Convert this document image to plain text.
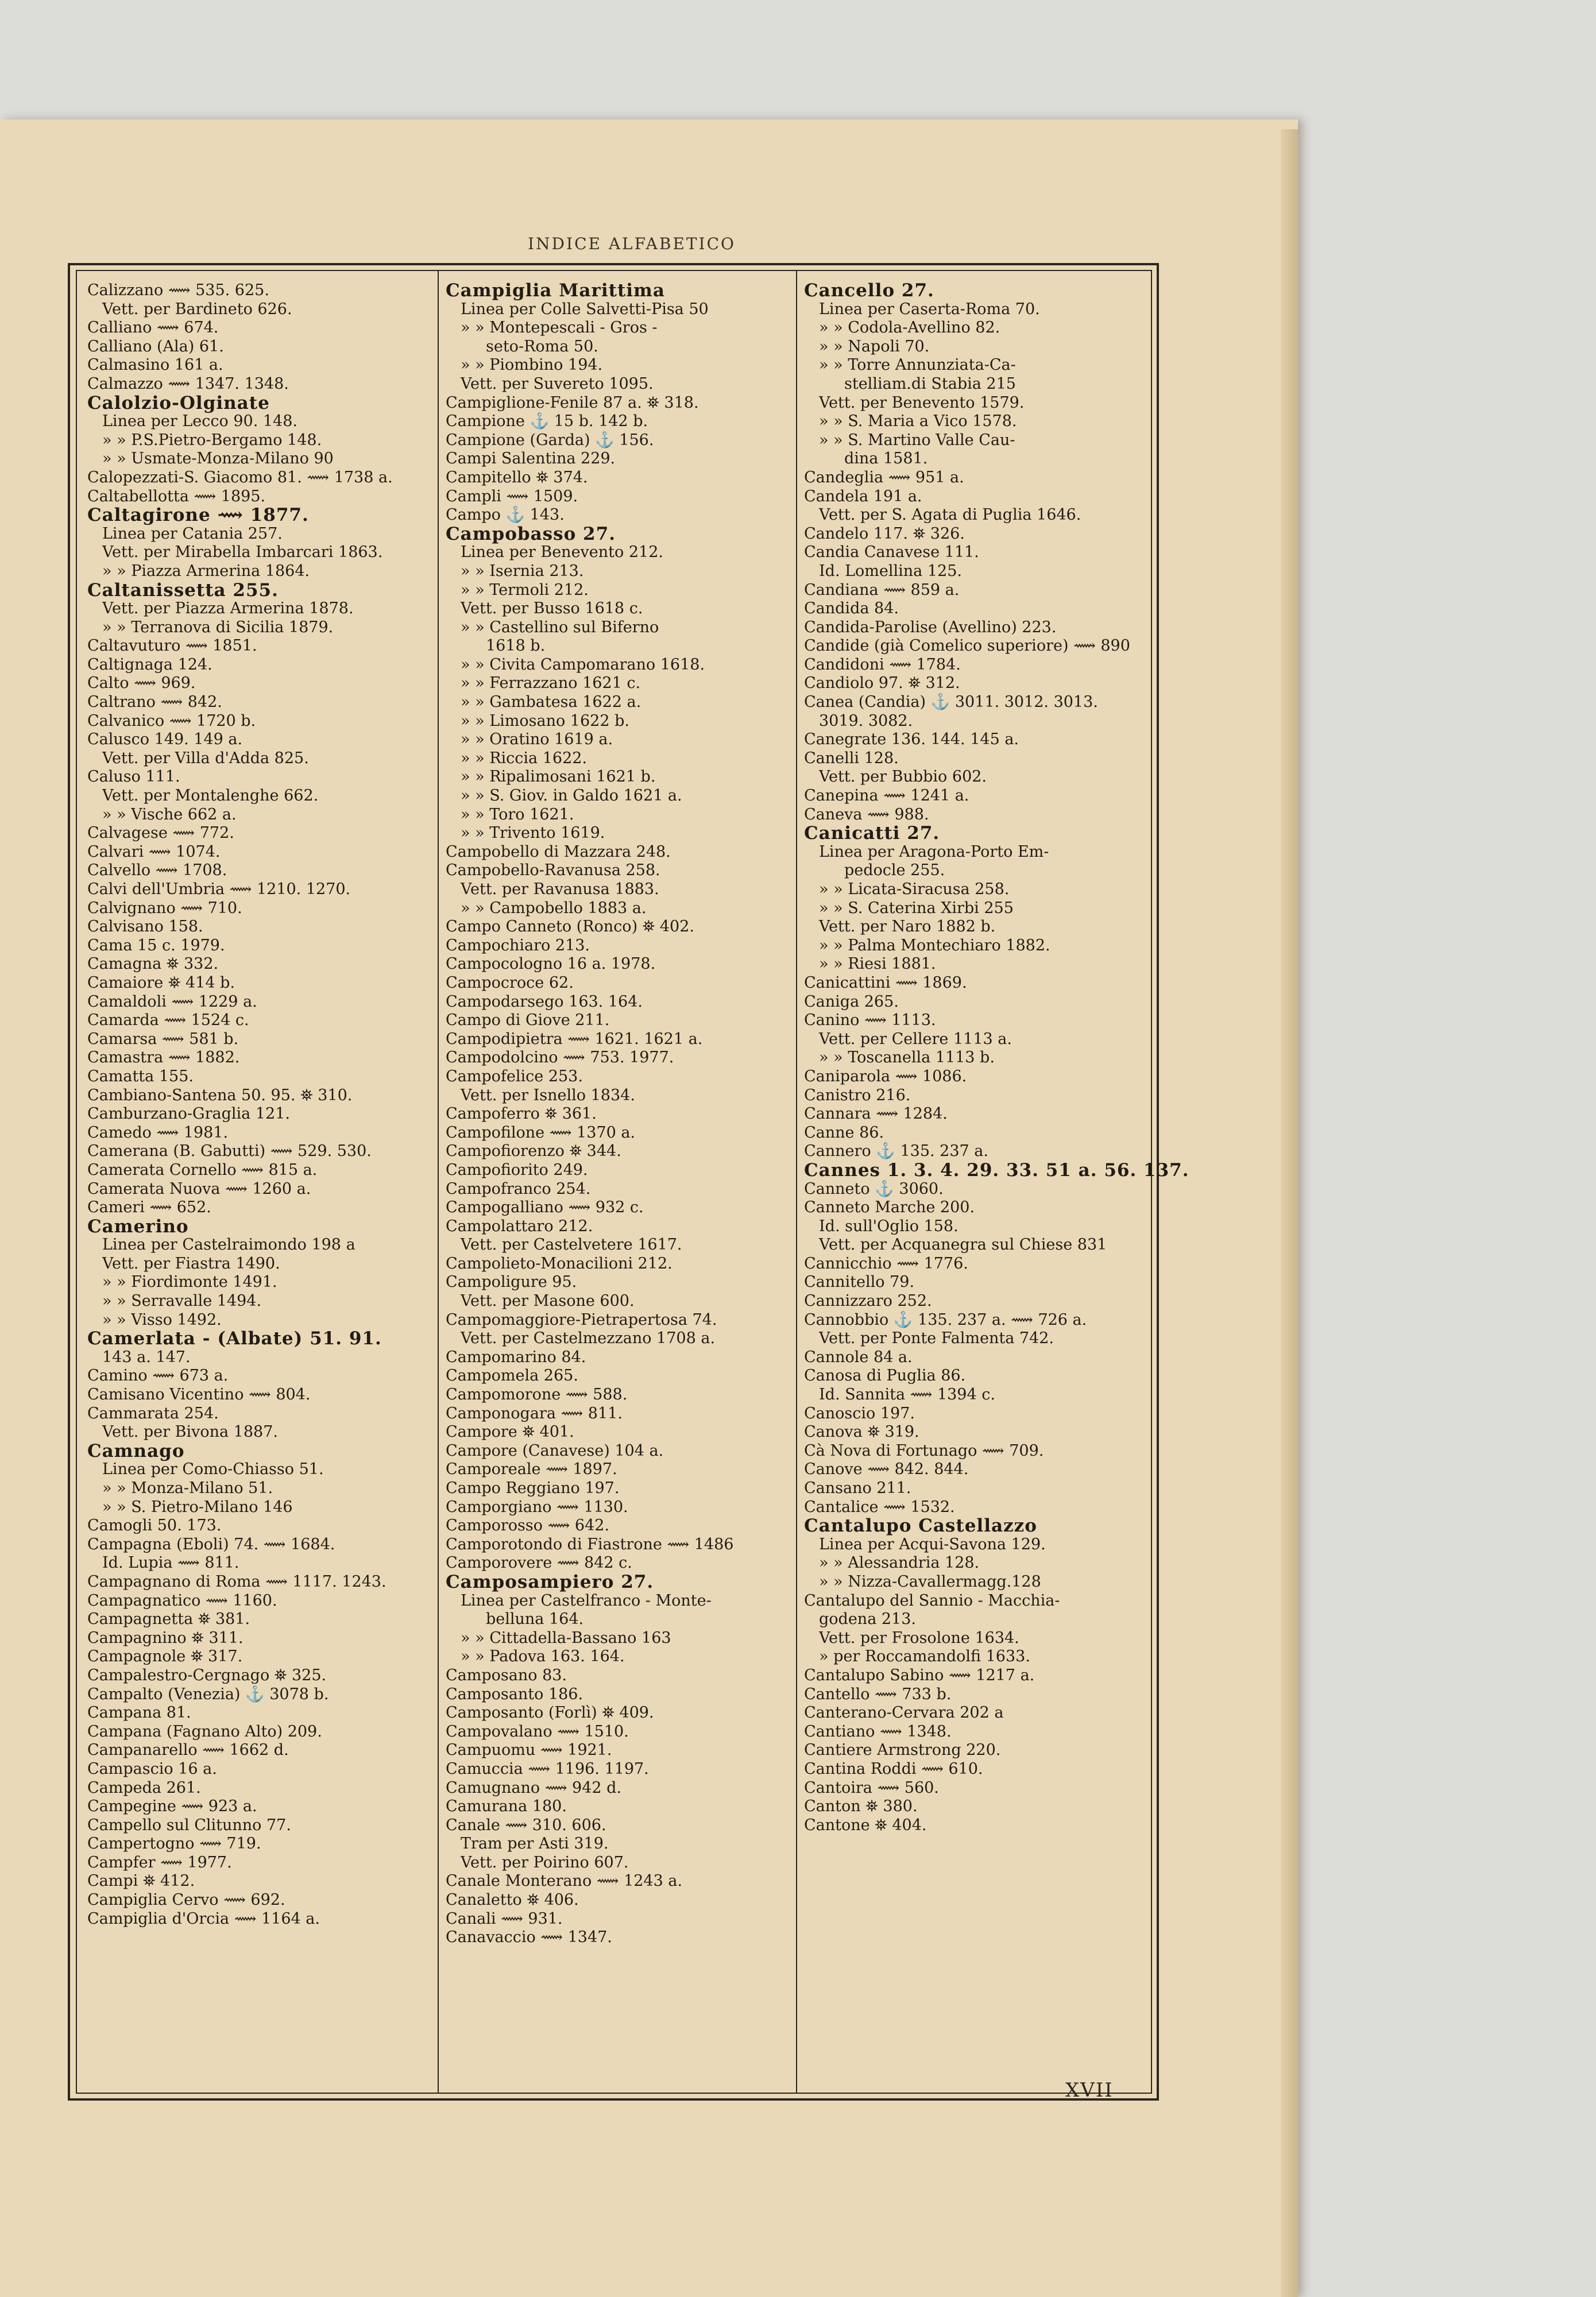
INDICE ALFABETICO
Calizzano ⟿ 535. 625.
Vett. per Bardineto 626.
Calliano ⟿ 674.
Calliano (Ala) 61.
Calmasino 161 a.
Calmazzo ⟿ 1347. 1348.
Calolzio-Olginate
Linea per Lecco 90. 148.
» » P.S.Pietro-Bergamo 148.
» » Usmate-Monza-Milano 90
Calopezzati-S. Giacomo 81. ⟿ 1738 a.
Caltabellotta ⟿ 1895.
Caltagirone ⟿ 1877.
Linea per Catania 257.
Vett. per Mirabella Imbarcari 1863.
» » Piazza Armerina 1864.
Caltanissetta 255.
Vett. per Piazza Armerina 1878.
» » Terranova di Sicilia 1879.
Caltavuturo ⟿ 1851.
Caltignaga 124.
Calto ⟿ 969.
Caltrano ⟿ 842.
Calvanico ⟿ 1720 b.
Calusco 149. 149 a.
Vett. per Villa d'Adda 825.
Caluso 111.
Vett. per Montalenghe 662.
» » Vische 662 a.
Calvagese ⟿ 772.
Calvari ⟿ 1074.
Calvello ⟿ 1708.
Calvi dell'Umbria ⟿ 1210. 1270.
Calvignano ⟿ 710.
Calvisano 158.
Cama 15 c. 1979.
Camagna ⛯ 332.
Camaiore ⛯ 414 b.
Camaldoli ⟿ 1229 a.
Camarda ⟿ 1524 c.
Camarsa ⟿ 581 b.
Camastra ⟿ 1882.
Camatta 155.
Cambiano-Santena 50. 95. ⛯ 310.
Camburzano-Graglia 121.
Camedo ⟿ 1981.
Camerana (B. Gabutti) ⟿ 529. 530.
Camerata Cornello ⟿ 815 a.
Camerata Nuova ⟿ 1260 a.
Cameri ⟿ 652.
Camerino
Linea per Castelraimondo 198 a
Vett. per Fiastra 1490.
» » Fiordimonte 1491.
» » Serravalle 1494.
» » Visso 1492.
Camerlata - (Albate) 51. 91.
143 a. 147.
Camino ⟿ 673 a.
Camisano Vicentino ⟿ 804.
Cammarata 254.
Vett. per Bivona 1887.
Camnago
Linea per Como-Chiasso 51.
» » Monza-Milano 51.
» » S. Pietro-Milano 146
Camogli 50. 173.
Campagna (Eboli) 74. ⟿ 1684.
Id. Lupia ⟿ 811.
Campagnano di Roma ⟿ 1117. 1243.
Campagnatico ⟿ 1160.
Campagnetta ⛯ 381.
Campagnino ⛯ 311.
Campagnole ⛯ 317.
Campalestro-Cergnago ⛯ 325.
Campalto (Venezia) ⚓ 3078 b.
Campana 81.
Campana (Fagnano Alto) 209.
Campanarello ⟿ 1662 d.
Campascio 16 a.
Campeda 261.
Campegine ⟿ 923 a.
Campello sul Clitunno 77.
Campertogno ⟿ 719.
Campfer ⟿ 1977.
Campi ⛯ 412.
Campiglia Cervo ⟿ 692.
Campiglia d'Orcia ⟿ 1164 a.
Campiglia Marittima
Linea per Colle Salvetti-Pisa 50
» » Montepescali - Gros -
seto-Roma 50.
» » Piombino 194.
Vett. per Suvereto 1095.
Campiglione-Fenile 87 a. ⛯ 318.
Campione ⚓ 15 b. 142 b.
Campione (Garda) ⚓ 156.
Campi Salentina 229.
Campitello ⛯ 374.
Campli ⟿ 1509.
Campo ⚓ 143.
Campobasso 27.
Linea per Benevento 212.
» » Isernia 213.
» » Termoli 212.
Vett. per Busso 1618 c.
» » Castellino sul Biferno
1618 b.
» » Civita Campomarano 1618.
» » Ferrazzano 1621 c.
» » Gambatesa 1622 a.
» » Limosano 1622 b.
» » Oratino 1619 a.
» » Riccia 1622.
» » Ripalimosani 1621 b.
» » S. Giov. in Galdo 1621 a.
» » Toro 1621.
» » Trivento 1619.
Campobello di Mazzara 248.
Campobello-Ravanusa 258.
Vett. per Ravanusa 1883.
» » Campobello 1883 a.
Campo Canneto (Ronco) ⛯ 402.
Campochiaro 213.
Campocologno 16 a. 1978.
Campocroce 62.
Campodarsego 163. 164.
Campo di Giove 211.
Campodipietra ⟿ 1621. 1621 a.
Campodolcino ⟿ 753. 1977.
Campofelice 253.
Vett. per Isnello 1834.
Campoferro ⛯ 361.
Campofilone ⟿ 1370 a.
Campofiorenzo ⛯ 344.
Campofiorito 249.
Campofranco 254.
Campogalliano ⟿ 932 c.
Campolattaro 212.
Vett. per Castelvetere 1617.
Campolieto-Monacilioni 212.
Campoligure 95.
Vett. per Masone 600.
Campomaggiore-Pietrapertosa 74.
Vett. per Castelmezzano 1708 a.
Campomarino 84.
Campomela 265.
Campomorone ⟿ 588.
Camponogara ⟿ 811.
Campore ⛯ 401.
Campore (Canavese) 104 a.
Camporeale ⟿ 1897.
Campo Reggiano 197.
Camporgiano ⟿ 1130.
Camporosso ⟿ 642.
Camporotondo di Fiastrone ⟿ 1486
Camporovere ⟿ 842 c.
Camposampiero 27.
Linea per Castelfranco - Monte-
belluna 164.
» » Cittadella-Bassano 163
» » Padova 163. 164.
Camposano 83.
Camposanto 186.
Camposanto (Forlì) ⛯ 409.
Campovalano ⟿ 1510.
Campuomu ⟿ 1921.
Camuccia ⟿ 1196. 1197.
Camugnano ⟿ 942 d.
Camurana 180.
Canale ⟿ 310. 606.
Tram per Asti 319.
Vett. per Poirino 607.
Canale Monterano ⟿ 1243 a.
Canaletto ⛯ 406.
Canali ⟿ 931.
Canavaccio ⟿ 1347.
Cancello 27.
Linea per Caserta-Roma 70.
» » Codola-Avellino 82.
» » Napoli 70.
» » Torre Annunziata-Ca-
stelliam.di Stabia 215
Vett. per Benevento 1579.
» » S. Maria a Vico 1578.
» » S. Martino Valle Cau-
dina 1581.
Candeglia ⟿ 951 a.
Candela 191 a.
Vett. per S. Agata di Puglia 1646.
Candelo 117. ⛯ 326.
Candia Canavese 111.
Id. Lomellina 125.
Candiana ⟿ 859 a.
Candida 84.
Candida-Parolise (Avellino) 223.
Candide (già Comelico superiore) ⟿ 890
Candidoni ⟿ 1784.
Candiolo 97. ⛯ 312.
Canea (Candia) ⚓ 3011. 3012. 3013.
3019. 3082.
Canegrate 136. 144. 145 a.
Canelli 128.
Vett. per Bubbio 602.
Canepina ⟿ 1241 a.
Caneva ⟿ 988.
Canicatti 27.
Linea per Aragona-Porto Em-
pedocle 255.
» » Licata-Siracusa 258.
» » S. Caterina Xirbi 255
Vett. per Naro 1882 b.
» » Palma Montechiaro 1882.
» » Riesi 1881.
Canicattini ⟿ 1869.
Caniga 265.
Canino ⟿ 1113.
Vett. per Cellere 1113 a.
» » Toscanella 1113 b.
Caniparola ⟿ 1086.
Canistro 216.
Cannara ⟿ 1284.
Canne 86.
Cannero ⚓ 135. 237 a.
Cannes 1. 3. 4. 29. 33. 51 a. 56. 137.
Canneto ⚓ 3060.
Canneto Marche 200.
Id. sull'Oglio 158.
Vett. per Acquanegra sul Chiese 831
Cannicchio ⟿ 1776.
Cannitello 79.
Cannizzaro 252.
Cannobbio ⚓ 135. 237 a. ⟿ 726 a.
Vett. per Ponte Falmenta 742.
Cannole 84 a.
Canosa di Puglia 86.
Id. Sannita ⟿ 1394 c.
Canoscio 197.
Canova ⛯ 319.
Cà Nova di Fortunago ⟿ 709.
Canove ⟿ 842. 844.
Cansano 211.
Cantalice ⟿ 1532.
Cantalupo Castellazzo
Linea per Acqui-Savona 129.
» » Alessandria 128.
» » Nizza-Cavallermagg.128
Cantalupo del Sannio - Macchia-
godena 213.
Vett. per Frosolone 1634.
» per Roccamandolfi 1633.
Cantalupo Sabino ⟿ 1217 a.
Cantello ⟿ 733 b.
Canterano-Cervara 202 a
Cantiano ⟿ 1348.
Cantiere Armstrong 220.
Cantina Roddi ⟿ 610.
Cantoira ⟿ 560.
Canton ⛯ 380.
Cantone ⛯ 404.
XVII
